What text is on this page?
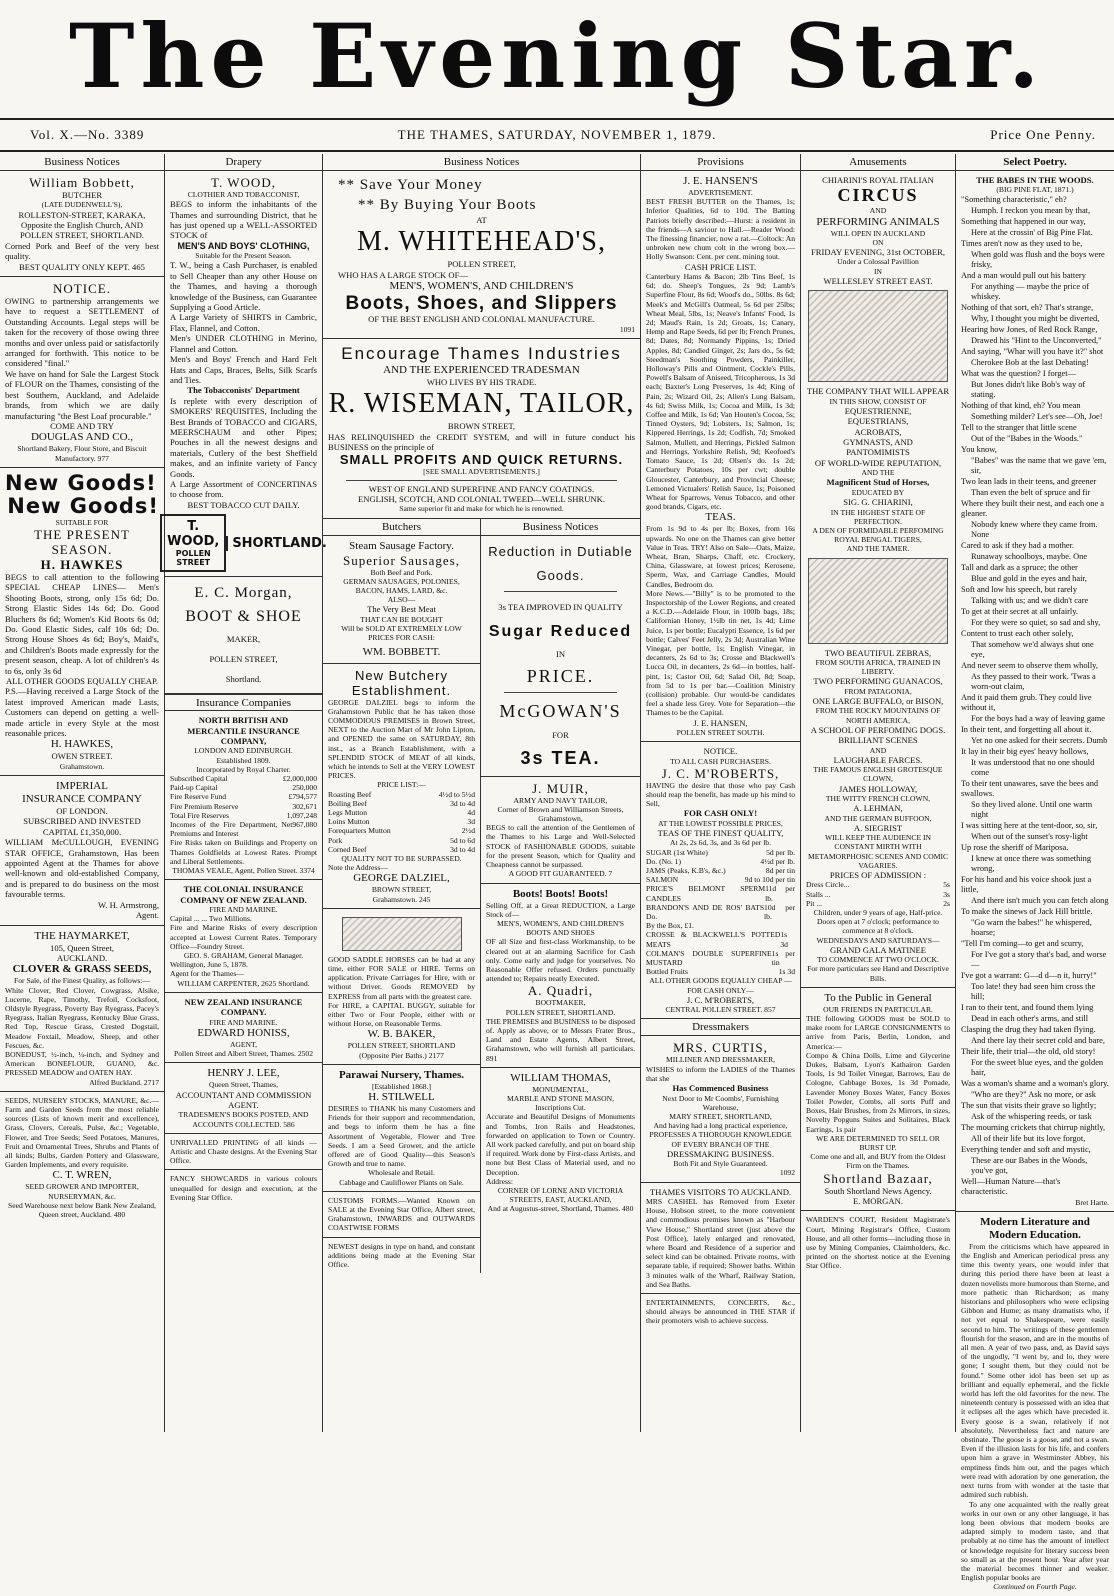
The Evening Star.
Vol. X.—No. 3389	THE THAMES, SATURDAY, NOVEMBER 1, 1879.	Price One Penny.
Business Notices
William Bobbett,
BUTCHER
(LATE DUDENWELL'S),
ROLLESTON-STREET, KARAKA, Opposite the English Church, AND POLLEN STREET, SHORTLAND.
Corned Pork and Beef of the very best quality.
BEST QUALITY ONLY KEPT. 465
NOTICE.
OWING to partnership arrangements we have to request a SETTLEMENT of Outstanding Accounts. Legal steps will be taken for the recovery of those owing three months and over unless paid or satisfactorily arranged for forthwith. This notice to be considered "final."
We have on hand for Sale the Largest Stock of FLOUR on the Thames, consisting of the best Southern, Auckland, and Adelaide brands, from which we are daily manufacturing "the Best Loaf procurable."
COME AND TRY
DOUGLAS AND CO.,
Shortland Bakery, Flour Store, and Biscuit Manufactory. 977
New Goods!
New Goods!
SUITABLE FOR
THE PRESENT SEASON.
H. HAWKES
BEGS to call attention to the following SPECIAL CHEAP LINES— Men's Shooting Boots, strong, only 15s 6d; Do. Strong Elastic Sides 14s 6d; Do. Good Bluchers 8s 6d; Women's Kid Boots 6s 0d; Do. Good Elastic Sides, calf 10s 6d; Do. Strong House Shoes 4s 6d; Boy's, Maid's, and Children's Boots made expressly for the present season, cheap. A lot of children's 4s to 6s, only 3s 6d
ALL OTHER GOODS EQUALLY CHEAP.
P.S.—Having received a Large Stock of the latest improved American made Lasts, Customers can depend on getting a well-made article in every Style at the most reasonable prices.
H. HAWKES,
OWEN STREET.
Grahamstown.
IMPERIAL
INSURANCE COMPANY
OF LONDON.
SUBSCRIBED AND INVESTED
CAPITAL £1,350,000.
WILLIAM McCULLOUGH, EVENING STAR OFFICE, Grahamstown, Has been appointed Agent at the Thames for above well-known and old-established Company, and is prepared to do business on the most favourable terms.
W. H. Armstrong,
Agent.
THE HAYMARKET,
105, Queen Street,
AUCKLAND.
CLOVER & GRASS SEEDS,
For Sale, of the Finest Quality, as follows:—
White Clover, Red Clover, Cowgrass, Alsike, Lucerne, Rape, Timothy, Trefoil, Cocksfoot, Oldstyle Ryegrass, Poverty Bay Ryegrass, Pacey's Ryegrass, Italian Ryegrass, Kentucky Blue Grass, Red Top, Rescue Grass, Crested Dogstail, Meadow Foxtail, Meadow, Sheep, and other Fescues, &c.
BONEDUST, ½-inch, ¼-inch, and Sydney and American BONEFLOUR, GUANO, &c. PRESSED MEADOW and OATEN HAY.
Alfred Buckland. 2717
SEEDS, NURSERY STOCKS, MANURE, &c.—Farm and Garden Seeds from the most reliable sources (Lists of known merit and excellence), Grass, Clovers, Cereals, Pulse, &c.; Vegetable, Flower, and Tree Seeds; Seed Potatoes, Manures, Fruit and Ornamental Trees, Shrubs and Plants of all kinds; Bulbs, Garden Pottery and Glassware, Garden Implements, and every requisite.
C. T. WREN,
SEED GROWER AND IMPORTER, NURSERYMAN, &c.
Seed Warehouse next below Bank New Zealand, Queen street, Auckland. 480
Drapery
T. WOOD,
CLOTHIER AND TOBACCONIST,
BEGS to inform the inhabitants of the Thames and surrounding District, that he has just opened up a WELL-ASSORTED STOCK of
MEN'S AND BOYS' CLOTHING,
Suitable for the Present Season.
T. W., being a Cash Purchaser, is enabled to Sell Cheaper than any other House on the Thames, and having a thorough knowledge of the Business, can Guarantee Supplying a Good Article.
A Large Variety of SHIRTS in Cambric, Flax, Flannel, and Cotton.
Men's UNDER CLOTHING in Merino, Flannel and Cotton.
Men's and Boys' French and Hard Felt Hats and Caps, Braces, Belts, Silk Scarfs and Ties.
The Tobacconists' Department
Is replete with every description of SMOKERS' REQUISITES, Including the Best Brands of TOBACCO and CIGARS, MEERSCHAUM and other Pipes; Pouches in all the newest designs and materials, Cutlery of the best Sheffield makes, and an infinite variety of Fancy Goods.
A Large Assortment of CONCERTINAS to choose from.
BEST TOBACCO CUT DAILY.
T. WOOD,
POLLEN STREET
SHORTLAND.
E. C. Morgan,
BOOT & SHOE
MAKER,
POLLEN STREET,
Shortland.
Insurance Companies
NORTH BRITISH AND MERCANTILE INSURANCE COMPANY,
LONDON AND EDINBURGH.
Established 1809.
Incorporated by Royal Charter.
Subscribed Capital	£2,000,000
Paid-up Capital	250,000
Fire Reserve Fund	£794,577
Fire Premium Reserve	302,671
Total Fire Reserves	1,097,248
Incomes of the Fire Department, Net Premiums and Interest
967,080
Fire Risks taken on Buildings and Property on Thames Goldfields at Lowest Rates. Prompt and Liberal Settlements.
THOMAS VEALE, Agent, Pollen Street. 3374
THE COLONIAL INSURANCE COMPANY OF NEW ZEALAND.
FIRE AND MARINE.
Capital ... ... Two Millions.
Fire and Marine Risks of every description accepted at Lowest Current Rates. Temporary Office—Foundry Street.
GEO. S. GRAHAM, General Manager.
Wellington, June 5, 1878.
Agent for the Thames—
WILLIAM CARPENTER, 2625 Shortland.
NEW ZEALAND INSURANCE COMPANY.
FIRE AND MARINE.
EDWARD HONISS,
AGENT,
Pollen Street and Albert Street, Thames. 2502
HENRY J. LEE,
Queen Street, Thames,
ACCOUNTANT AND COMMISSION AGENT.
TRADESMEN'S BOOKS POSTED, AND ACCOUNTS COLLECTED. 586
UNRIVALLED PRINTING of all kinds —Artistic and Chaste designs. At the Evening Star Office.
FANCY SHOWCARDS in various colours unequalled for design and execution, at the Evening Star Office.
Business Notices
** Save Your Money
** By Buying Your Boots
AT
M. WHITEHEAD'S,
POLLEN STREET,
WHO HAS A LARGE STOCK OF—
MEN'S, WOMEN'S, AND CHILDREN'S
Boots, Shoes, and Slippers
OF THE BEST ENGLISH AND COLONIAL MANUFACTURE.
1091
Encourage Thames Industries
AND THE EXPERIENCED TRADESMAN
WHO LIVES BY HIS TRADE.
R. WISEMAN, TAILOR,
BROWN STREET,
HAS RELINQUISHED the CREDIT SYSTEM, and will in future conduct his BUSINESS on the principle of
SMALL PROFITS AND QUICK RETURNS.
[SEE SMALL ADVERTISEMENTS.]
WEST OF ENGLAND SUPERFINE AND FANCY COATINGS.
ENGLISH, SCOTCH, AND COLONIAL TWEED—WELL SHRUNK.
Same superior fit and make for which he is renowned.
Butchers
Steam Sausage Factory.
Superior Sausages,
Both Beef and Pork.
GERMAN SAUSAGES, POLONIES,
BACON, HAMS, LARD, &c.
ALSO—
The Very Best Meat
THAT CAN BE BOUGHT
Will be SOLD AT EXTREMELY LOW
PRICES FOR CASH:
WM. BOBBETT.
New Butchery Establishment.
GEORGE DALZIEL begs to inform the Grahamstown Public that he has taken those COMMODIOUS PREMISES in Brown Street, NEXT to the Auction Mart of Mr John Lipton, and OPENED the same on SATURDAY, 8th inst., as a Branch Establishment, with a SPLENDID STOCK of MEAT of all kinds, which he intends to Sell at the VERY LOWEST PRICES.
PRICE LIST:—
Roasting Beef	4½d to 5½d
Boiling Beef	3d to 4d
Legs Mutton	4d
Loins Mutton	3d
Forequarters Mutton	2½d
Pork	5d to 6d
Corned Beef	3d to 4d
QUALITY NOT TO BE SURPASSED.
Note the Address—
GEORGE DALZIEL,
BROWN STREET,
Grahamstown. 245
GOOD SADDLE HORSES can be had at any time, either FOR SALE or HIRE. Terms on application. Private Carriages for Hire, with or without Driver. Goods REMOVED by EXPRESS from all parts with the greatest care.
For HIRE, a CAPITAL BUGGY, suitable for either Two or Four People, either with or without Horse, on Reasonable Terms.
W. B. BAKER,
POLLEN STREET, SHORTLAND
(Opposite Pier Baths.) 2177
Parawai Nursery, Thames.
[Established 1868.]
H. STILWELL
DESIRES to THANK his many Customers and Friends for their support and recommendation, and begs to inform them he has a fine Assortment of Vegetable, Flower and Tree Seeds. I am a Seed Grower, and the article offered are of Good Quality—this Season's Growth and true to name.
Wholesale and Retail.
Cabbage and Cauliflower Plants on Sale.
CUSTOMS FORMS.—Wanted Known on SALE at the Evening Star Office, Albert street, Grahamstown, INWARDS and OUTWARDS COASTWISE FORMS
NEWEST designs in type on hand, and constant additions being made at the Evening Star Office.
Business Notices
Reduction in Dutiable Goods.
3s TEA IMPROVED IN QUALITY
Sugar Reduced
IN
PRICE.
McGOWAN'S
FOR
3s TEA.
J. MUIR,
ARMY AND NAVY TAILOR,
Corner of Brown and Williamson Streets, Grahamstown,
BEGS to call the attention of the Gentlemen of the Thames to his Large and Well-Selected STOCK of FASHIONABLE GOODS, suitable for the present Season, which for Quality and Cheapness cannot be surpassed.
A GOOD FIT GUARANTEED. 7
Boots! Boots! Boots!
Selling Off, at a Great REDUCTION, a Large Stock of—
MEN'S, WOMEN'S, AND CHILDREN'S BOOTS AND SHOES
OF all Size and first-class Workmanship, to be cleared out at an alarming Sacrifice for Cash only. Come early and judge for yourselves. No Reasonable Offer refused. Orders punctually attended to; Repairs neatly Executed.
A. Quadri,
BOOTMAKER,
POLLEN STREET, SHORTLAND.
THE PREMISES and BUSINESS to be disposed of. Apply as above, or to Messrs Frater Bros., Land and Estate Agents, Albert Street, Grahamstown, who will furnish all particulars. 891
WILLIAM THOMAS,
MONUMENTAL,
MARBLE AND STONE MASON,
Inscriptions Cut.
Accurate and Beautiful Designs of Monuments and Tombs, Iron Rails and Headstones, forwarded on application to Town or Country. All work packed carefully, and put on board ship if required. Work done by First-class Artists, and none but Best Class of Material used, and no Deception.
Address:
CORNER OF LORNE AND VICTORIA STREETS, EAST, AUCKLAND,
And at Augustus-street, Shortland, Thames. 480
Provisions
J. E. HANSEN'S
ADVERTISEMENT.
BEST FRESH BUTTER on the Thames, 1s; Inferior Qualities, 6d to 10d. The Batting Patriots briefly described:—Hurst: a resident in the friends—A saviour to Hall.—Reader Wood: The finessing financier, now a rat.—Coltock: An unbroken new chum colt in the wrong box.—Holly Swanson: Cent. per cent. mining tout.
CASH PRICE LIST.
Canterbury Hams & Bacon; 2lb Tins Beef, 1s 6d; do. Sheep's Tongues, 2s 9d; Lamb's Superfine Flour, 8s 6d; Wood's do., 50lbs. 8s 6d; Meek's and McGill's Oatmeal, 5s 6d per 25lbs; Wheat Meal, 5lbs, 1s; Neave's Infants' Food, 1s 2d; Maud's Rain, 1s 2d; Groats, 1s; Canary, Hemp and Rape Seeds, 6d per lb; French Prunes, 8d; Dates, 8d; Normandy Pippins, 1s; Dried Apples, 8d; Candied Ginger, 2s; Jars do., 5s 6d; Steedman's Soothing Powders, Painkiller, Holloway's Pills and Ointment, Cockle's Pills, Powell's Balsam of Aniseed, Tricopherous, 1s 3d each; Baxter's Long Preserves, 1s 4d; King of Pain, 2s; Wizard Oil, 2s; Allen's Lung Balsam, 4s 6d; Swiss Milk, 1s; Cocoa and Milk, 1s 3d; Coffee and Milk, 1s 6d; Van Houten's Cocoa, 5s; Tinned Oysters, 9d; Lobsters, 1s; Salmon, 1s; Kippered Herrings, 1s 2d; Codfish, 7d; Smoked Salmon, Mullett, and Herrings, Pickled Salmon and Herrings, Yorkshire Relish, 9d; Keofoed's Tomato Sauce, 1s 2d; Olsen's do. 1s 2d; Canterbury Potatoes, 10s per cwt; double Gloucester, Canterbury, and Provincial Cheese; Lemoned Victualers' Relish Sauce, 1s; Poisoned Wheat for Sparrows, Venus Tobacco, and other good brands, Cigars, etc.
TEAS.
From 1s 9d to 4s per lb; Boxes, from 16s upwards. No one on the Thames can give better Value in Teas. TRY! Also on Sale—Oats, Maize, Wheat, Bran, Sharps, Chaff, etc. Crockery, China, Glassware, at lowest prices; Kerosene, Sperm, Wax, and Carriage Candles, Mould Candles, Bedroom do.
More News.—"Billy" is to be promoted to the Inspectorship of the Lower Regions, and created a K.C.D.—Adelaide Flour, in 100lb bags, 18s; Californian Honey, 1½lb tin net, 1s 4d; Lime Juice, 1s per bottle; Eucalypti Essence, 1s 6d per bottle; Calves' Feet Jelly, 2s 3d; Australian Wine Vinegar, per bottle, 1s; English Vinegar, in decanters, 2s 6d to 3s; Crosse and Blackwell's Lucca Oil, in decanters, 2s 6d—in bottles, half-pint, 1s; Castor Oil, 6d; Salad Oil, 8d; Soap, from 5d to 1s per bar.—Coalition Ministry (collision) probable. Our would-be candidates feel a shade less Grey. Vote for Separation—the Thames to be the Capital.
J. E. HANSEN,
POLLEN STREET SOUTH.
NOTICE.
TO ALL CASH PURCHASERS.
J. C. M'ROBERTS,
HAVING the desire that those who pay Cash should reap the benefit, has made up his mind to Sell,
FOR CASH ONLY!
AT THE LOWEST POSSIBLE PRICES,
TEAS OF THE FINEST QUALITY,
At 2s, 2s 6d, 3s, and 3s 6d per lb.
SUGAR (1st White)	5d per lb.
Do. (No. 1)	4½d per lb.
JAMS (Peaks, K.B's, &c.)	8d per tin
SALMON	9d to 10d per tin
PRICE'S BELMONT SPERM CANDLES
11d per lb.
BRANDON'S AND DE ROS' BATS Do.
10d per lb.
By the Box, £1.
CROSSE & BLACKWELL'S POTTED MEATS
1s 3d
COLMAN'S DOUBLE SUPERFINE MUSTARD
1s per tin
Bottled Fruits	1s 3d
ALL OTHER GOODS EQUALLY CHEAP —FOR CASH ONLY—
J. C. M'ROBERTS,
CENTRAL POLLEN STREET. 857
Dressmakers
MRS. CURTIS,
MILLINER AND DRESSMAKER,
WISHES to inform the LADIES of the Thames that she
Has Commenced Business
Next Door to Mr Coombs', Furnishing Warehouse,
MARY STREET, SHORTLAND,
And having had a long practical experience, PROFESSES A THOROUGH KNOWLEDGE
OF EVERY BRANCH OF THE
DRESSMAKING BUSINESS.
Both Fit and Style Guaranteed.
1092
THAMES VISITORS TO AUCKLAND.
MRS CASHEL has Removed from Exeter House, Hobson street, to the more convenient and commodious premises known as "Harbour View House," Shortland street (just above the Post Office), lately enlarged and renovated, where Board and Residence of a superior and select kind can be obtained. Private rooms, with separate table, if required; Shower baths. Within 3 minutes walk of the Wharf, Railway Station, and Sea Baths.
ENTERTAINMENTS, CONCERTS, &c., should always be announced in THE STAR if their promoters wish to achieve success.
Amusements
CHIARINI'S ROYAL ITALIAN
CIRCUS
AND
PERFORMING ANIMALS
WILL OPEN IN AUCKLAND
ON
FRIDAY EVENING, 31st OCTOBER,
Under a Colossal Pavillion
IN
WELLESLEY STREET EAST.
THE COMPANY THAT WILL APPEAR
IN THIS SHOW, CONSIST OF
EQUESTRIENNE,
EQUESTRIANS,
ACROBATS,
GYMNASTS, AND
PANTOMIMISTS
OF WORLD-WIDE REPUTATION,
AND THE
Magnificent Stud of Horses,
EDUCATED BY
SIG. G. CHIARINI,
IN THE HIGHEST STATE OF PERFECTION.
A DEN OF FORMIDABLE PERFOMING ROYAL BENGAL TIGERS,
AND THE TAMER.
TWO BEAUTIFUL ZEBRAS,
FROM SOUTH AFRICA, TRAINED IN LIBERTY.
TWO PERFORMING GUANACOS,
FROM PATAGONIA,
ONE LARGE BUFFALO, or BISON,
FROM THE ROCKY MOUNTAINS OF NORTH AMERICA,
A SCHOOL OF PERFOMING DOGS.
BRILLIANT SCENES
AND
LAUGHABLE FARCES.
THE FAMOUS ENGLISH GROTESQUE CLOWN,
JAMES HOLLOWAY,
THE WITTY FRENCH CLOWN,
A. LEHMAN,
AND THE GERMAN BUFFOON,
A. SIEGRIST
WILL KEEP THE AUDIENCE IN CONSTANT MIRTH WITH METAMORPHOSIC SCENES AND COMIC VAGARIES.
PRICES OF ADMISSION :
Dress Circle...	5s
Stalls ...	3s
Pit ...	2s
Children, under 9 years of age, Half-price.
Doors open at 7 o'clock; performance to commence at 8 o'clock.
WEDNESDAYS AND SATURDAYS—
GRAND GALA MATINEE
TO COMMENCE AT TWO O'CLOCK.
For more particulars see Hand and Descriptive Bills.
To the Public in General
OUR FRIENDS IN PARTICULAR.
THE following GOODS must be SOLD to make room for LARGE CONSIGNMENTS to arrive from Paris, Berlin, London, and America:—
Compo & China Dolls, Lime and Glycerine Dukes, Balsam, Lyon's Kathairon Garden Tools, 1s 9d Toilet Vinegar, Barrows, Eau de Cologne, Cabbage Boxes, 1s 3d Pomade, Lavender Money Boxes Water, Fancy Boxes Toilet Powder, Combs, all sorts Puff and Boxes, Hair Brushes, from 2s Mirrors, in sizes, Novelty Popguns Suites and Solitaires, Black Earrings, 1s pair
WE ARE DETERMINED TO SELL OR BURST UP.
Come one and all, and BUY from the Oldest Firm on the Thames.
Shortland Bazaar,
South Shortland News Agency.
E. MORGAN.
WARDEN'S COURT, Resident Magistrate's Court, Mining Registrar's Office, Custom House, and all other forms—including those in use by Mining Companies, Claimholders, &c. printed on the shortest notice at the Evening Star Office.
Select Poetry.
THE BABES IN THE WOODS.
(BIG PINE FLAT, 1871.)

"Something characteristic," eh?

Humph. I reckon you mean by that,

Something that happened in our way,

Here at the crossin' of Big Pine Flat.

Times aren't now as they used to be,

When gold was flush and the boys were frisky,

And a man would pull out his battery

For anything — maybe the price of whiskey.

Nothing of that sort, eh? That's strange,

Why, I thought you might be diverted,

Hearing how Jones, of Red Rock Range,

Drawed his "Hint to the Unconverted,"

And saying, "Whar will you have it?" shot

Cherokee Bob at the last Debating!

What was the question? I forget—

But Jones didn't like Bob's way of stating.

Nothing of that kind, eh? You mean

Something milder? Let's see—Oh, Joe!

Tell to the stranger that little scene

Out of the "Babes in the Woods."

You know,

"Babes" was the name that we gave 'em, sir,

Two lean lads in their teens, and greener

Than even the belt of spruce and fir

Where they built their nest, and each one a gleaner.

Nobody knew where they came from. None

Cared to ask if they had a mother.

Runaway schoolboys, maybe. One

Tall and dark as a spruce; the other

Blue and gold in the eyes and hair,

Soft and low his speech, but rarely

Talking with us; and we didn't care

To get at their secret at all unfairly.

For they were so quiet, so sad and shy,

Content to trust each other solely,

That somehow we'd always shut one eye,

And never seem to observe them wholly,

As they passed to their work. 'Twas a worn-out claim,

And it paid them grub. They could live without it,

For the boys had a way of leaving game

In their tent, and forgetting all about it.

Yet no one asked for their secrets. Dumb

It lay in their big eyes' heavy hollows,

It was understood that no one should come

To their tent unawares, save the bees and swallows.

So they lived alone. Until one warm night

I was sitting here at the tent-door, so, sir,

When out of the sunset's rosy-light

Up rose the sheriff of Mariposa.

I knew at once there was something wrong,

For his hand and his voice shook just a little,

And there isn't much you can fetch along

To make the sinews of Jack Hill brittle.

"Go warn the babes!" he whispered, hoarse;

"Tell I'm coming—to get and scurry,

For I've got a story that's bad, and worse—

I've got a warrant: G—d d—n it, hurry!"

Too late! they had seen him cross the hill;

I ran to their tent, and found them lying

Dead in each other's arms, and still

Clasping the drug they had taken flying.

And there lay their secret cold and bare,

Their life, their trial—the old, old story!

For the sweet blue eyes, and the golden hair,

Was a woman's shame and a woman's glory.

"Who are they?" Ask no more, or ask

The sun that visits their grave so lightly;

Ask of the whispering reeds, or task

The mourning crickets that chirrup nightly,

All of their life but its love forgot,

Everything tender and soft and mystic,

These are our Babes in the Woods, you've got,

Well—Human Nature—that's characteristic.

Bret Harte.
Modern Literature and Modern Education.
From the criticisms which have appeared in the English and American periodical press any time this twenty years, one would infer that during this period there have been at least a dozen novelists more humorous than Sterne, and more pathetic than Richardson; as many historians and philosophers who were eclipsing Gibbon and Hume; as many dramatists who, if not yet equal to Shakespeare, were easily second to him. The writings of these gentlemen flourish for the season, and are in the mouths of all men. A year of two pass, and, as David says of the ungodly, "I went by, and lo, they were gone; I sought them, but they could not be found." Some other idol has been set up as brilliant and equally ephemeral, and the fickle world has left the old favorites for the new. The nineteenth century is possessed with an idea that it eclipses all the ages which have preceded it. Every goose is a swan, relatively if not absolutely. Nevertheless fact and nature are obstinate. The goose is a goose, and not a swan. Even if the illusion lasts for his life, and confers upon him a grave in Westminster Abbey, his emptiness finds him out, and the pages which were read with adoration by one generation, the next turns from with wonder at the taste that admired such rubbish.
To any one acquainted with the really great works in our own or any other language, it has long been obvious that modern books are adapted simply to modern taste, and that probably at no time has the amount of intellect or knowledge requisite for literary success been so small as at the present hour. Year after year the material becomes thinner and weaker. English popular books are
Continued on Fourth Page.
